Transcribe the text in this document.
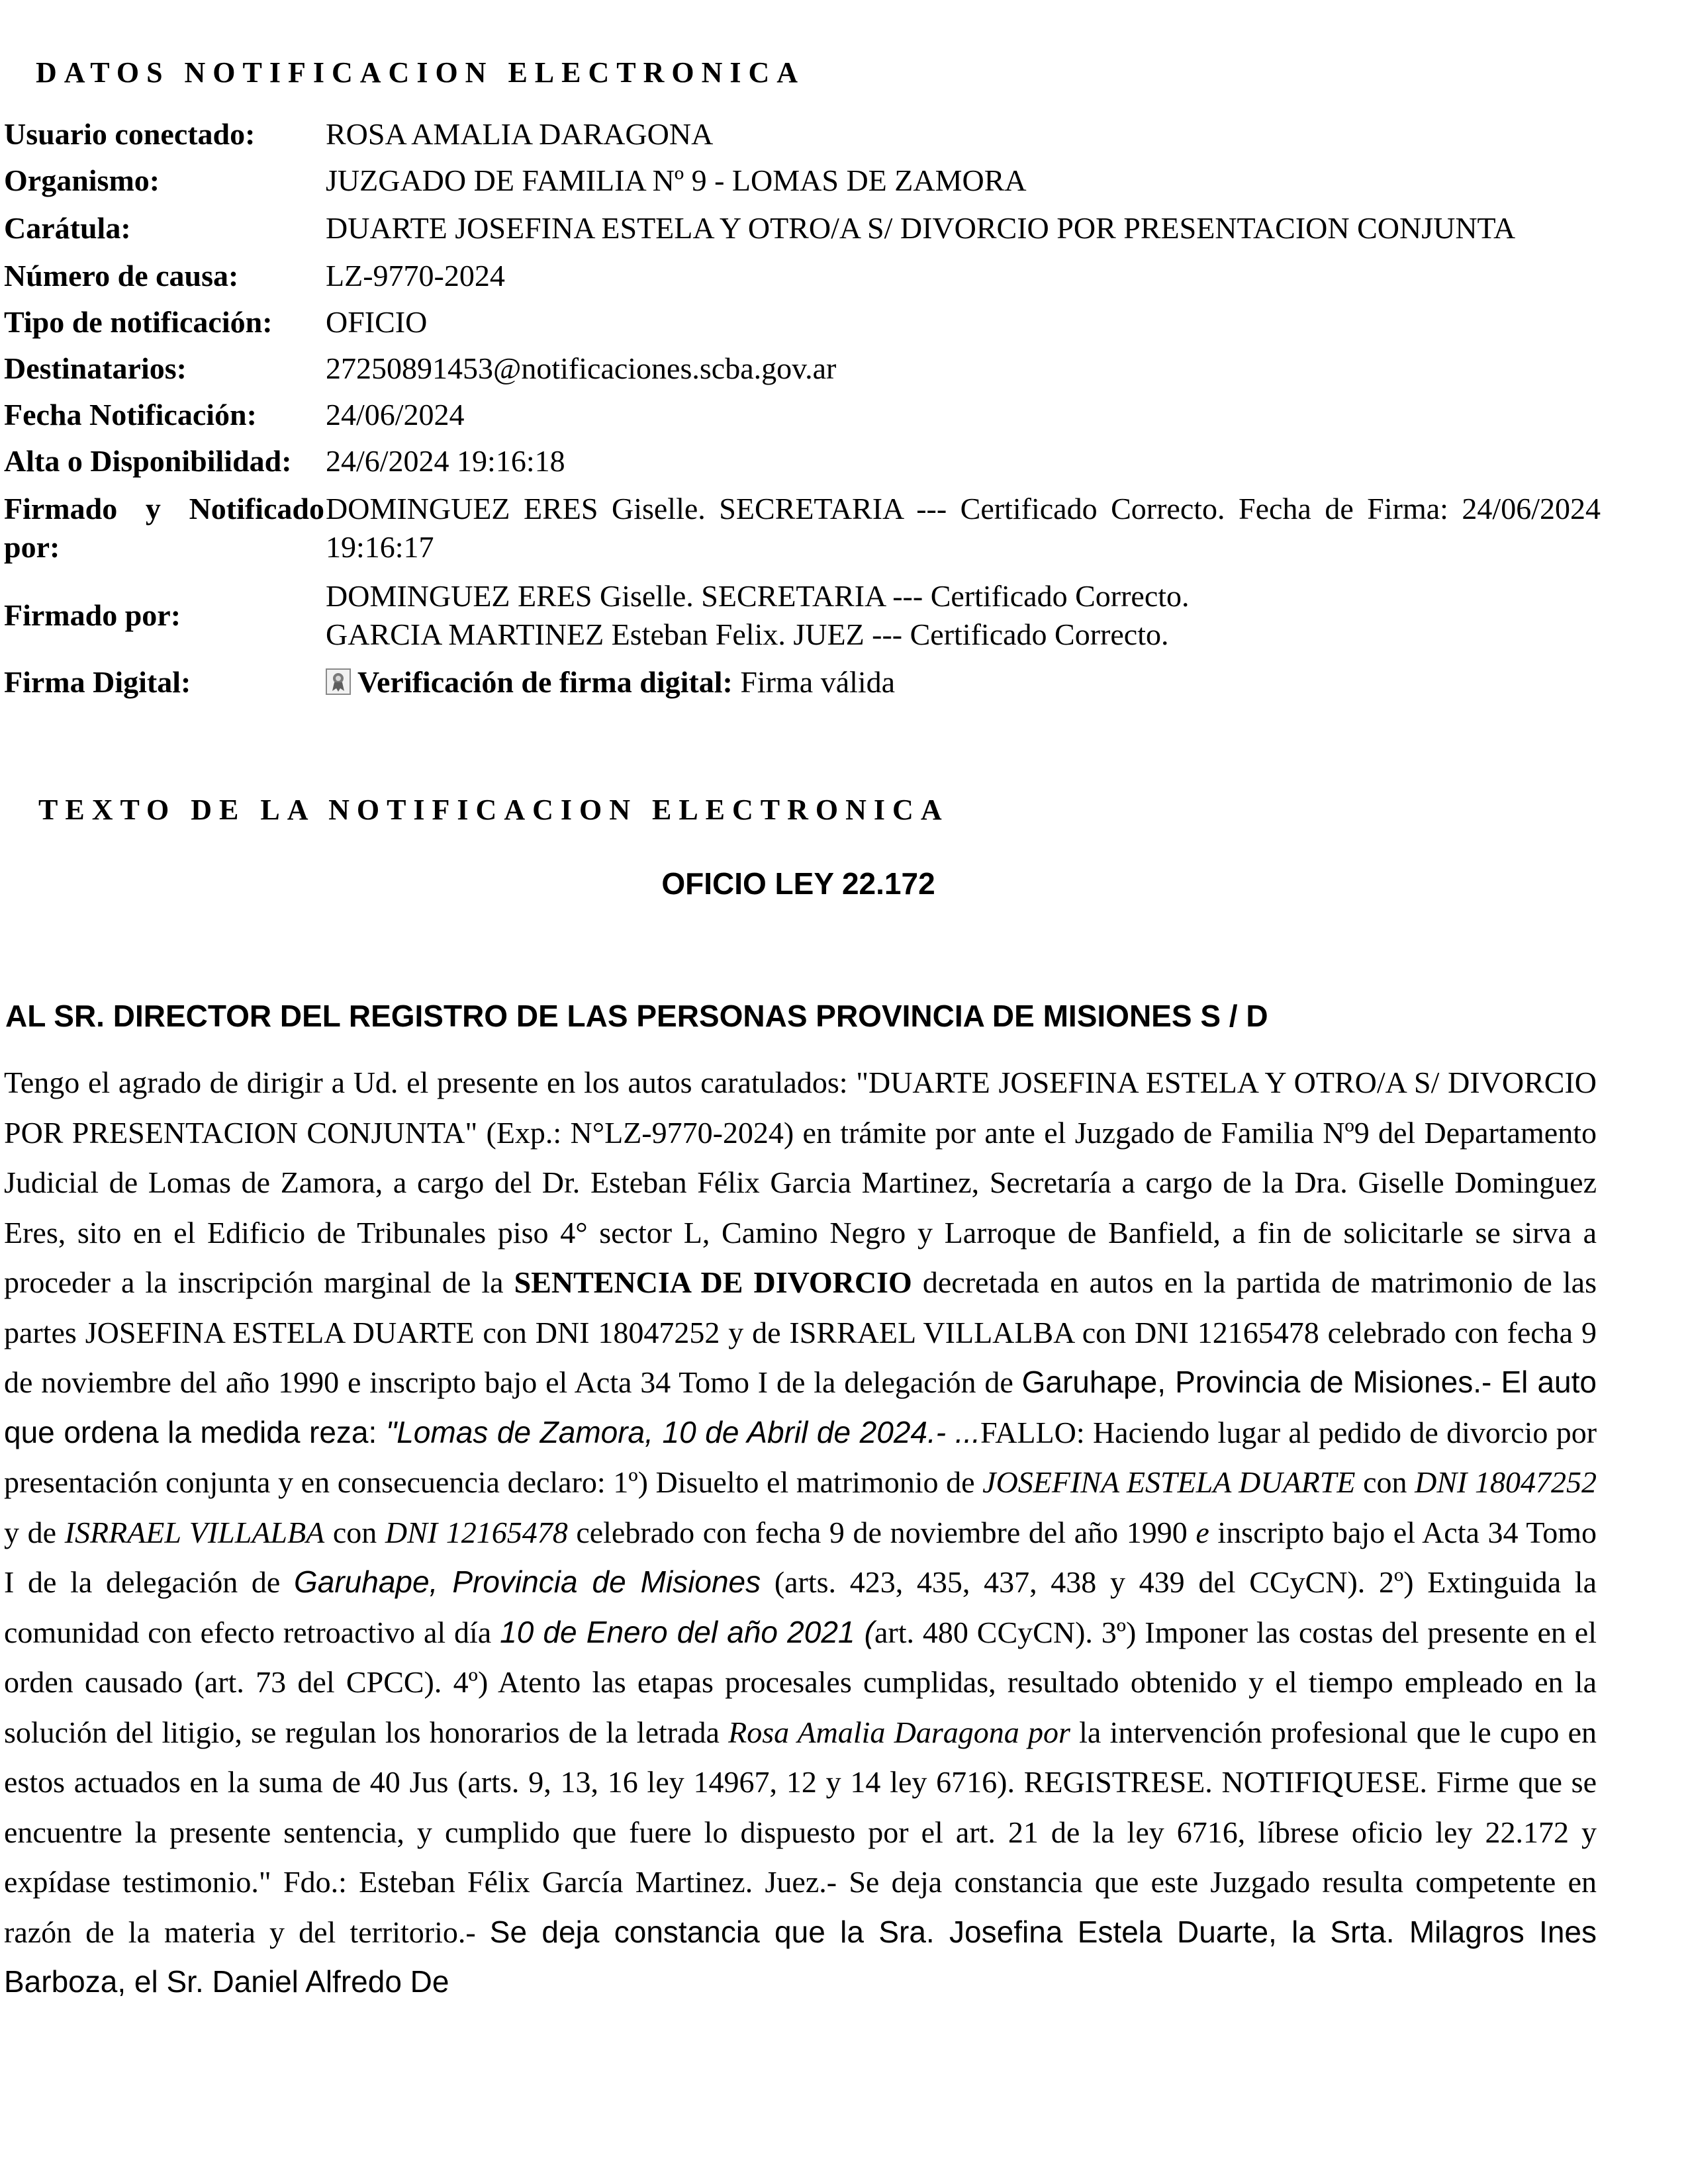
DATOS NOTIFICACION ELECTRONICA
Usuario conectado:	ROSA AMALIA DARAGONA
Organismo:	JUZGADO DE FAMILIA Nº 9 - LOMAS DE ZAMORA
Carátula:	DUARTE JOSEFINA ESTELA Y OTRO/A S/ DIVORCIO POR PRESENTACION CONJUNTA
Número de causa:	LZ-9770-2024
Tipo de notificación:	OFICIO
Destinatarios:	27250891453@notificaciones.scba.gov.ar
Fecha Notificación:	24/06/2024
Alta o Disponibilidad:	24/6/2024 19:16:18

Firmado y Notificado
por:	DOMINGUEZ ERES Giselle. SECRETARIA --- Certificado Correcto. Fecha de Firma: 24/06/2024 19:16:17
Firmado por:	DOMINGUEZ ERES Giselle. SECRETARIA --- Certificado Correcto.
GARCIA MARTINEZ Esteban Felix. JUEZ --- Certificado Correcto.

Firma Digital:	Verificación de firma digital: Firma válida
TEXTO DE LA NOTIFICACION ELECTRONICA
OFICIO LEY 22.172
AL SR. DIRECTOR DEL REGISTRO DE LAS PERSONAS PROVINCIA DE MISIONES S / D
Tengo el agrado de dirigir a Ud. el presente en los autos caratulados: "DUARTE JOSEFINA ESTELA Y OTRO/A S/ DIVORCIO POR PRESENTACION CONJUNTA" (Exp.: N°LZ-9770-2024) en trámite por ante el Juzgado de Familia Nº9 del Departamento Judicial de Lomas de Zamora, a cargo del Dr. Esteban Félix Garcia Martinez, Secretaría a cargo de la Dra. Giselle Dominguez Eres, sito en el Edificio de Tribunales piso 4° sector L, Camino Negro y Larroque de Banfield, a fin de solicitarle se sirva a proceder a la inscripción marginal de la SENTENCIA DE DIVORCIO decretada en autos en la partida de matrimonio de las partes JOSEFINA ESTELA DUARTE con DNI 18047252 y de ISRRAEL VILLALBA con DNI 12165478 celebrado con fecha 9 de noviembre del año 1990 e inscripto bajo el Acta 34 Tomo I de la delegación de Garuhape, Provincia de Misiones.- El auto que ordena la medida reza: "Lomas de Zamora, 10 de Abril de 2024.- ...FALLO: Haciendo lugar al pedido de divorcio por presentación conjunta y en consecuencia declaro: 1º) Disuelto el matrimonio de JOSEFINA ESTELA DUARTE con DNI 18047252 y de ISRRAEL VILLALBA con DNI 12165478 celebrado con fecha 9 de noviembre del año 1990 e inscripto bajo el Acta 34 Tomo I de la delegación de Garuhape, Provincia de Misiones (arts. 423, 435, 437, 438 y 439 del CCyCN). 2º) Extinguida la comunidad con efecto retroactivo al día 10 de Enero del año 2021 (art. 480 CCyCN). 3º) Imponer las costas del presente en el orden causado (art. 73 del CPCC). 4º) Atento las etapas procesales cumplidas, resultado obtenido y el tiempo empleado en la solución del litigio, se regulan los honorarios de la letrada Rosa Amalia Daragona por la intervención profesional que le cupo en estos actuados en la suma de 40 Jus (arts. 9, 13, 16 ley 14967, 12 y 14 ley 6716). REGISTRESE. NOTIFIQUESE. Firme que se encuentre la presente sentencia, y cumplido que fuere lo dispuesto por el art. 21 de la ley 6716, líbrese oficio ley 22.172 y expídase testimonio." Fdo.: Esteban Félix García Martinez. Juez.- Se deja constancia que este Juzgado resulta competente en razón de la materia y del territorio.- Se deja constancia que la Sra. Josefina Estela Duarte, la Srta. Milagros Ines Barboza, el Sr. Daniel Alfredo De
